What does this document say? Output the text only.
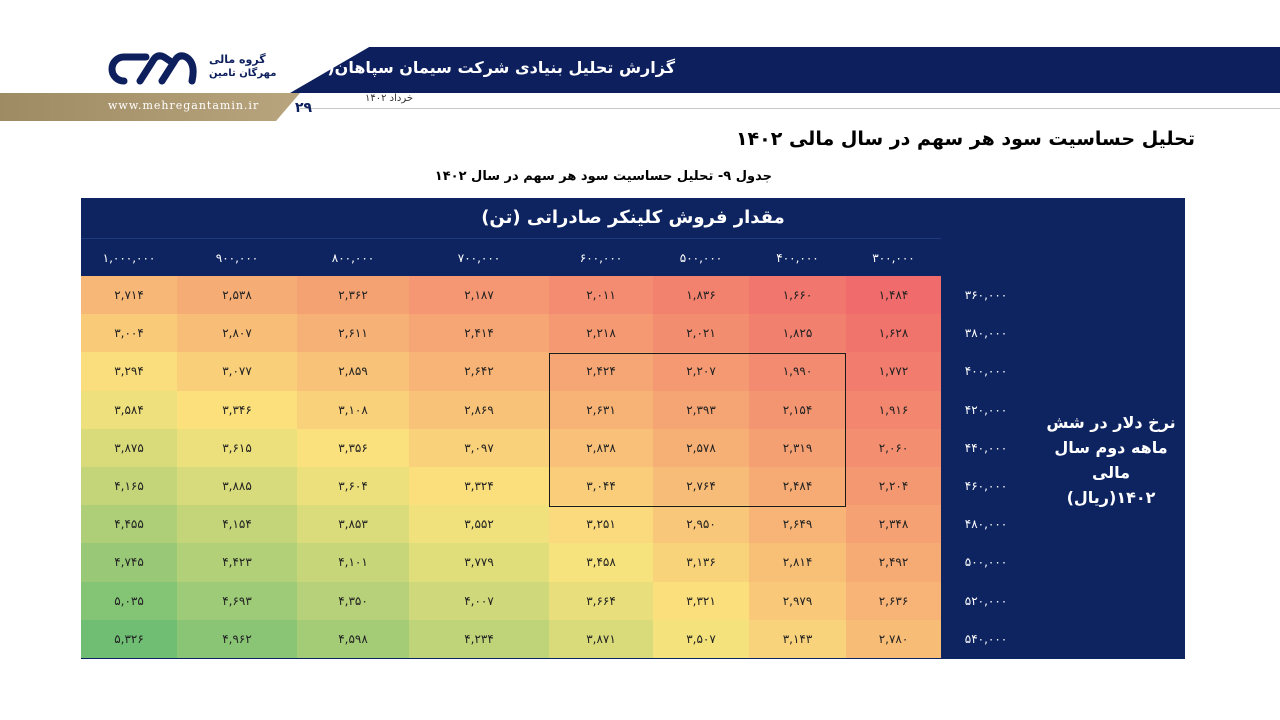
گزارش تحلیل بنیادی شرکت سیمان سپاهان(سپاها)
www.mehregantamin.ir	۲۹
خرداد ۱۴۰۲
گروه مالی
مهرگان تامین
تحلیل حساسیت سود هر سهم در سال مالی ۱۴۰۲
جدول ۹- تحلیل حساسیت سود هر سهم در سال ۱۴۰۲
مقدار فروش کلینکر صادراتی (تن)
۳۰۰,۰۰۰
۴۰۰,۰۰۰
۵۰۰,۰۰۰
۶۰۰,۰۰۰
۷۰۰,۰۰۰
۸۰۰,۰۰۰
۹۰۰,۰۰۰
۱,۰۰۰,۰۰۰
۳۶۰,۰۰۰
۳۸۰,۰۰۰
۴۰۰,۰۰۰
۴۲۰,۰۰۰
۴۴۰,۰۰۰
۴۶۰,۰۰۰
۴۸۰,۰۰۰
۵۰۰,۰۰۰
۵۲۰,۰۰۰
۵۴۰,۰۰۰
۱,۴۸۴
۱,۶۶۰
۱,۸۳۶
۲,۰۱۱
۲,۱۸۷
۲,۳۶۲
۲,۵۳۸
۲,۷۱۴
۱,۶۲۸
۱,۸۲۵
۲,۰۲۱
۲,۲۱۸
۲,۴۱۴
۲,۶۱۱
۲,۸۰۷
۳,۰۰۴
۱,۷۷۲
۱,۹۹۰
۲,۲۰۷
۲,۴۲۴
۲,۶۴۲
۲,۸۵۹
۳,۰۷۷
۳,۲۹۴
۱,۹۱۶
۲,۱۵۴
۲,۳۹۳
۲,۶۳۱
۲,۸۶۹
۳,۱۰۸
۳,۳۴۶
۳,۵۸۴
۲,۰۶۰
۲,۳۱۹
۲,۵۷۸
۲,۸۳۸
۳,۰۹۷
۳,۳۵۶
۳,۶۱۵
۳,۸۷۵
۲,۲۰۴
۲,۴۸۴
۲,۷۶۴
۳,۰۴۴
۳,۳۲۴
۳,۶۰۴
۳,۸۸۵
۴,۱۶۵
۲,۳۴۸
۲,۶۴۹
۲,۹۵۰
۳,۲۵۱
۳,۵۵۲
۳,۸۵۳
۴,۱۵۴
۴,۴۵۵
۲,۴۹۲
۲,۸۱۴
۳,۱۳۶
۳,۴۵۸
۳,۷۷۹
۴,۱۰۱
۴,۴۲۳
۴,۷۴۵
۲,۶۳۶
۲,۹۷۹
۳,۳۲۱
۳,۶۶۴
۴,۰۰۷
۴,۳۵۰
۴,۶۹۳
۵,۰۳۵
۲,۷۸۰
۳,۱۴۳
۳,۵۰۷
۳,۸۷۱
۴,۲۳۴
۴,۵۹۸
۴,۹۶۲
۵,۳۲۶
نرخ دلار در شش
ماهه دوم سال مالی
۱۴۰۲(ریال)
